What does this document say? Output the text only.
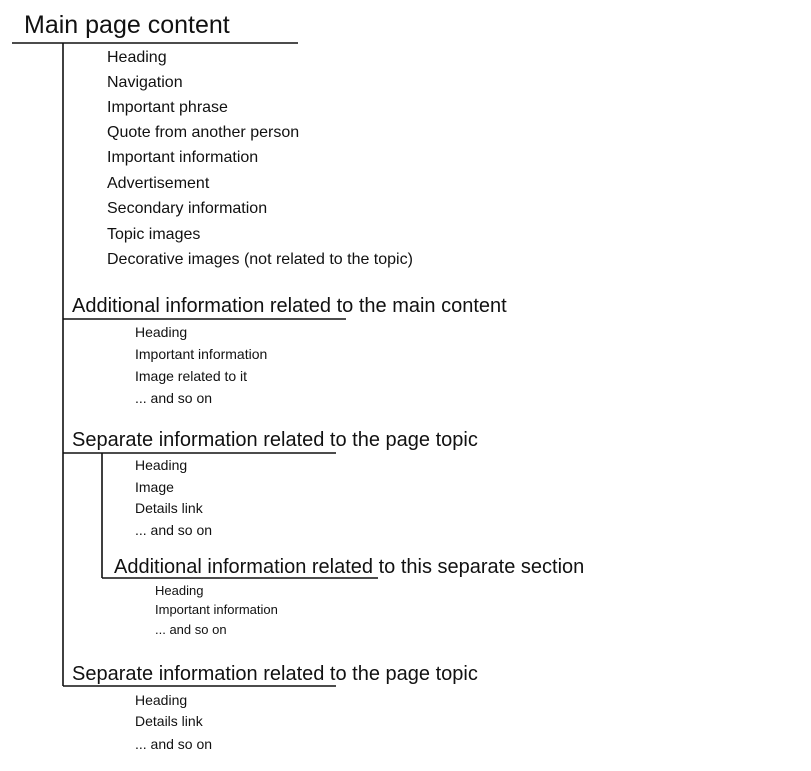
Main page content
Heading
Navigation
Important phrase
Quote from another person
Important information
Advertisement
Secondary information
Topic images
Decorative images (not related to the topic)
Additional information related to the main content
Heading
Important information
Image related to it
... and so on
Separate information related to the page topic
Heading
Image
Details link
... and so on
Additional information related to this separate section
Heading
Important information
... and so on
Separate information related to the page topic
Heading
Details link
... and so on
